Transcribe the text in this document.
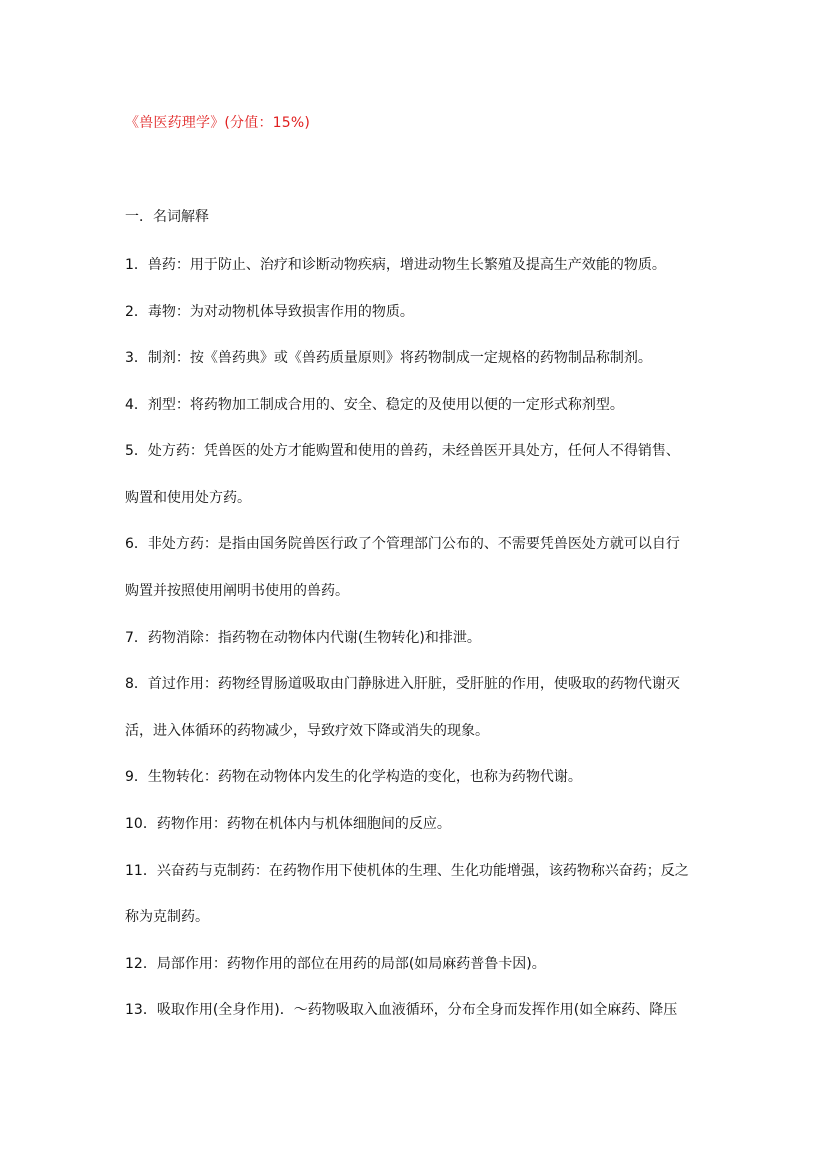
《兽医药理学》(分值：15%)
一．名词解释
1．兽药：用于防止、治疗和诊断动物疾病，增进动物生长繁殖及提高生产效能的物质。
2．毒物：为对动物机体导致损害作用的物质。
3．制剂：按《兽药典》或《兽药质量原则》将药物制成一定规格的药物制品称制剂。
4．剂型：将药物加工制成合用的、安全、稳定的及使用以便的一定形式称剂型。
5．处方药：凭兽医的处方才能购置和使用的兽药，未经兽医开具处方，任何人不得销售、
购置和使用处方药。
6．非处方药：是指由国务院兽医行政了个管理部门公布的、不需要凭兽医处方就可以自行
购置并按照使用阐明书使用的兽药。
7．药物消除：指药物在动物体内代谢(生物转化)和排泄。
8．首过作用：药物经胃肠道吸取由门静脉进入肝脏，受肝脏的作用，使吸取的药物代谢灭
活，进入体循环的药物减少，导致疗效下降或消失的现象。
9．生物转化：药物在动物体内发生的化学构造的变化，也称为药物代谢。
10．药物作用：药物在机体内与机体细胞间的反应。
11．兴奋药与克制药：在药物作用下使机体的生理、生化功能增强，该药物称兴奋药；反之
称为克制药。
12．局部作用：药物作用的部位在用药的局部(如局麻药普鲁卡因)。
13．吸取作用(全身作用)．～药物吸取入血液循环，分布全身而发挥作用(如全麻药、降压
